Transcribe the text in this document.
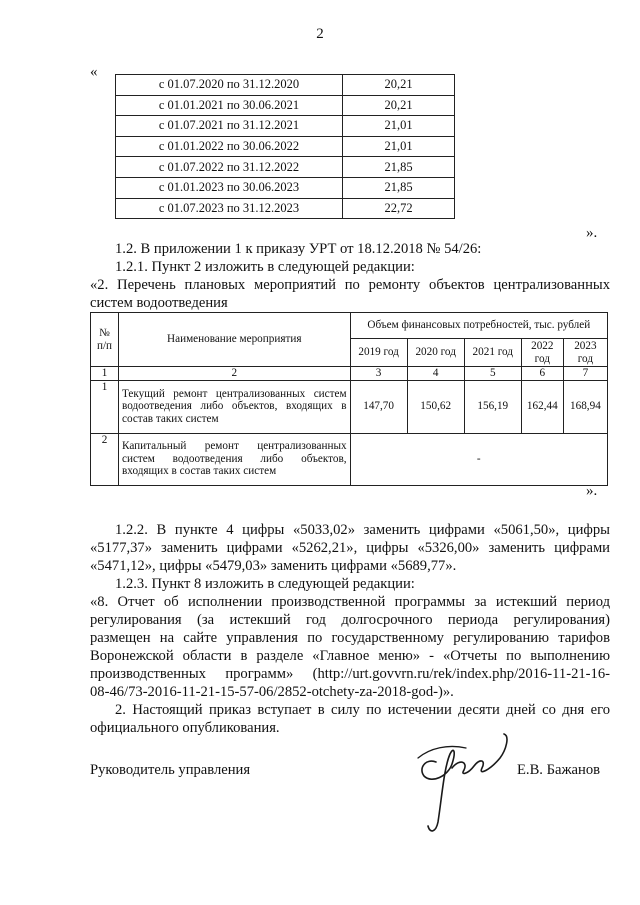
2
«
с 01.07.2020 по 31.12.2020	20,21
с 01.01.2021 по 30.06.2021	20,21
с 01.07.2021 по 31.12.2021	21,01
с 01.01.2022 по 30.06.2022	21,01
с 01.07.2022 по 31.12.2022	21,85
с 01.01.2023 по 30.06.2023	21,85
с 01.07.2023 по 31.12.2023	22,72
».
1.2. В приложении 1 к приказу УРТ от 18.12.2018 № 54/26:
1.2.1. Пункт 2 изложить в следующей редакции:
«2. Перечень плановых мероприятий по ремонту объектов централизованных
систем водоотведения
№ п/п	Наименование мероприятия	Объем финансовых потребностей, тыс. рублей				
		2019 год	2020 год	2021 год	2022 год	2023 год
1	2	3	4	5	6	7
1	Текущий ремонт централизованных систем водоотведения либо объектов, входящих в состав таких систем	147,70	150,62	156,19	162,44	168,94
2	Капитальный ремонт централизованных систем водоотведения либо объектов, входящих в состав таких систем	-				
».
1.2.2. В пункте 4 цифры «5033,02» заменить цифрами «5061,50», цифры
«5177,37» заменить цифрами «5262,21», цифры «5326,00» заменить цифрами
«5471,12», цифры «5479,03» заменить цифрами «5689,77».
1.2.3. Пункт 8 изложить в следующей редакции:
«8. Отчет об исполнении производственной программы за истекший период
регулирования (за истекший год долгосрочного периода регулирования)
размещен на сайте управления по государственному регулированию тарифов
Воронежской области в разделе «Главное меню» - «Отчеты по выполнению
производственных программ» (http://urt.govvrn.ru/rek/index.php/2016-11-21-16-
08-46/73-2016-11-21-15-57-06/2852-otchety-za-2018-god-)».
2. Настоящий приказ вступает в силу по истечении десяти дней со дня его
официального опубликования.
Руководитель управления	Е.В. Бажанов
